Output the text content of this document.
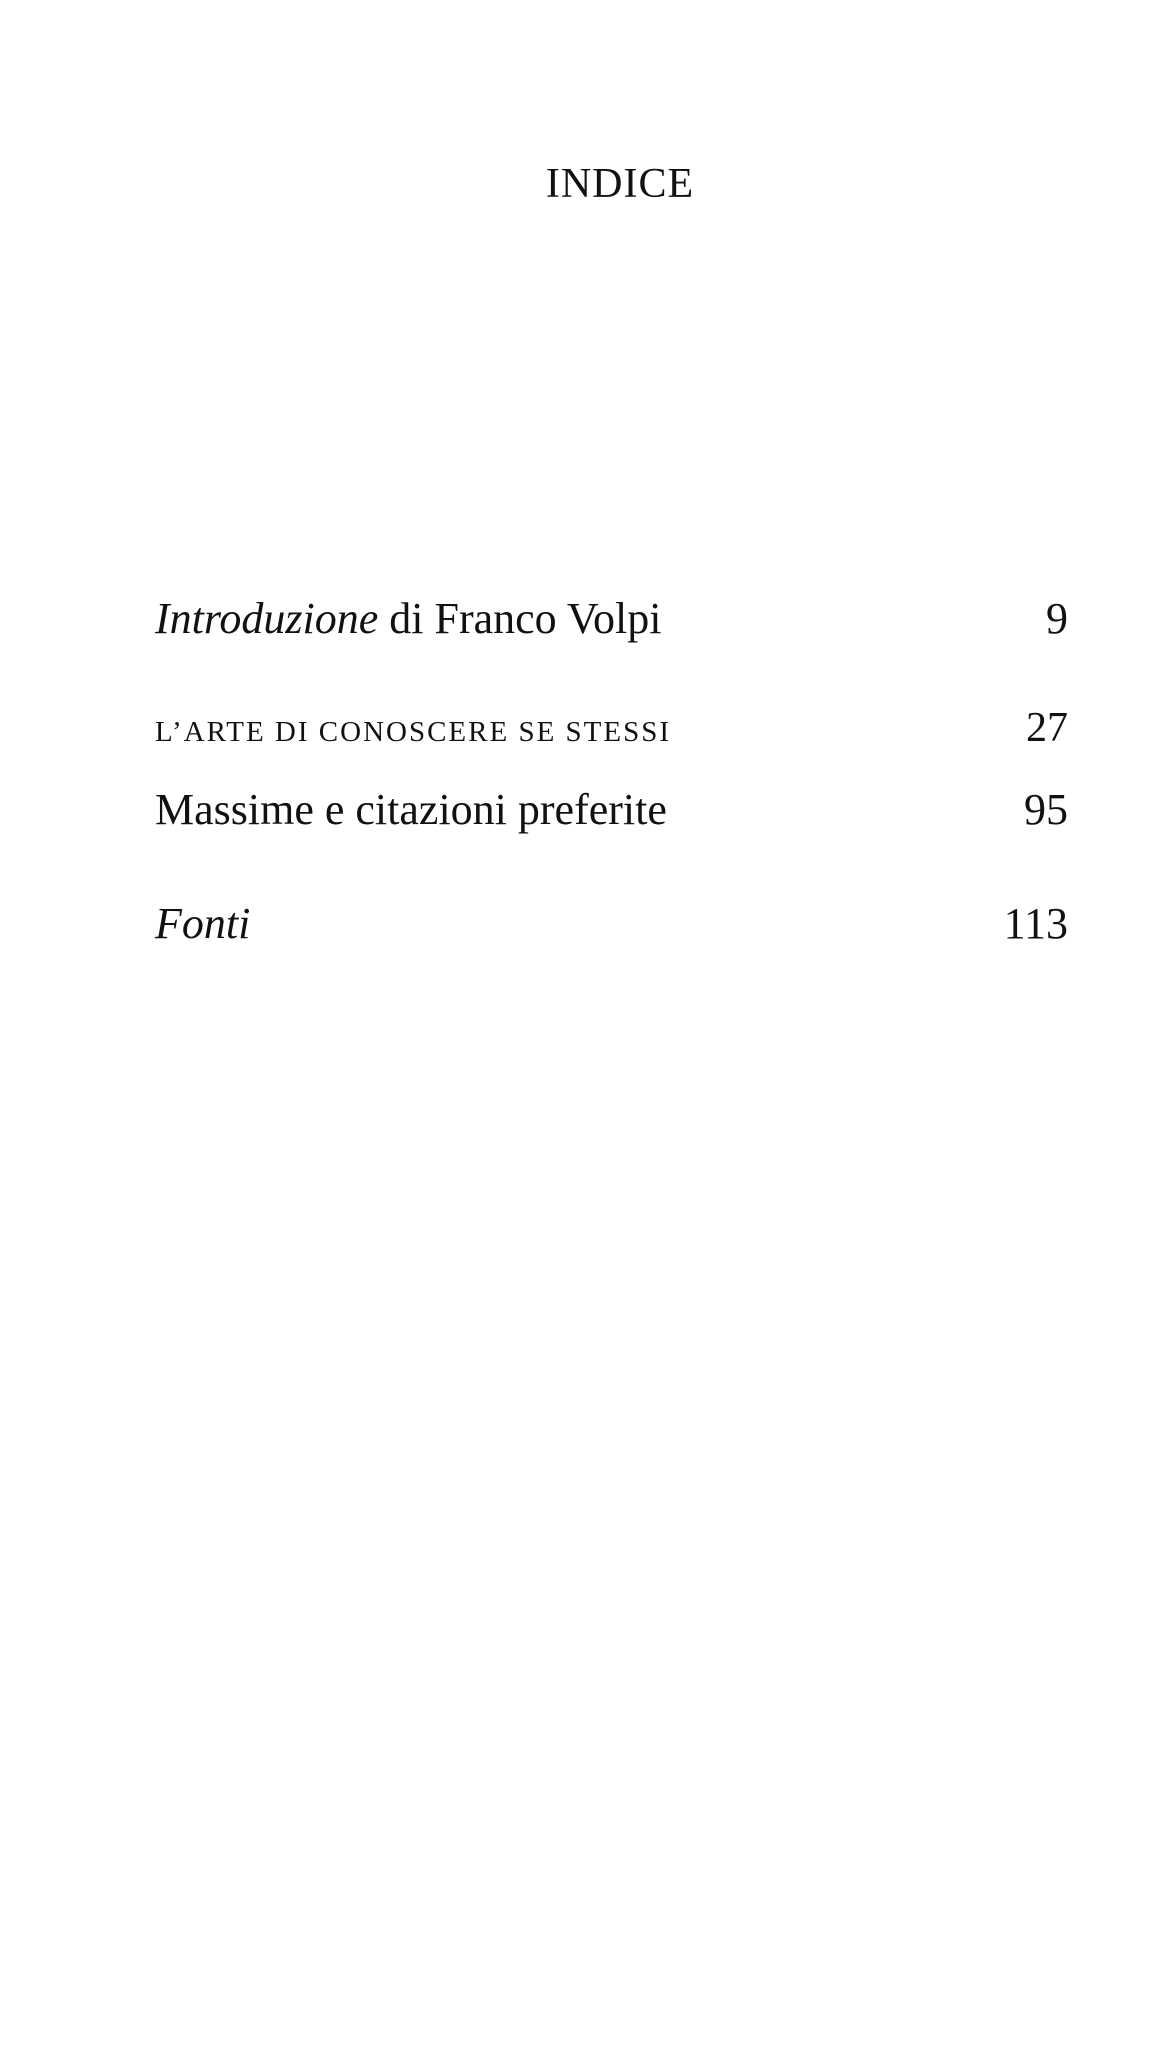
INDICE
Introduzione di Franco Volpi	9
L’ARTE DI CONOSCERE SE STESSI	27
Massime e citazioni preferite	95
Fonti	113
